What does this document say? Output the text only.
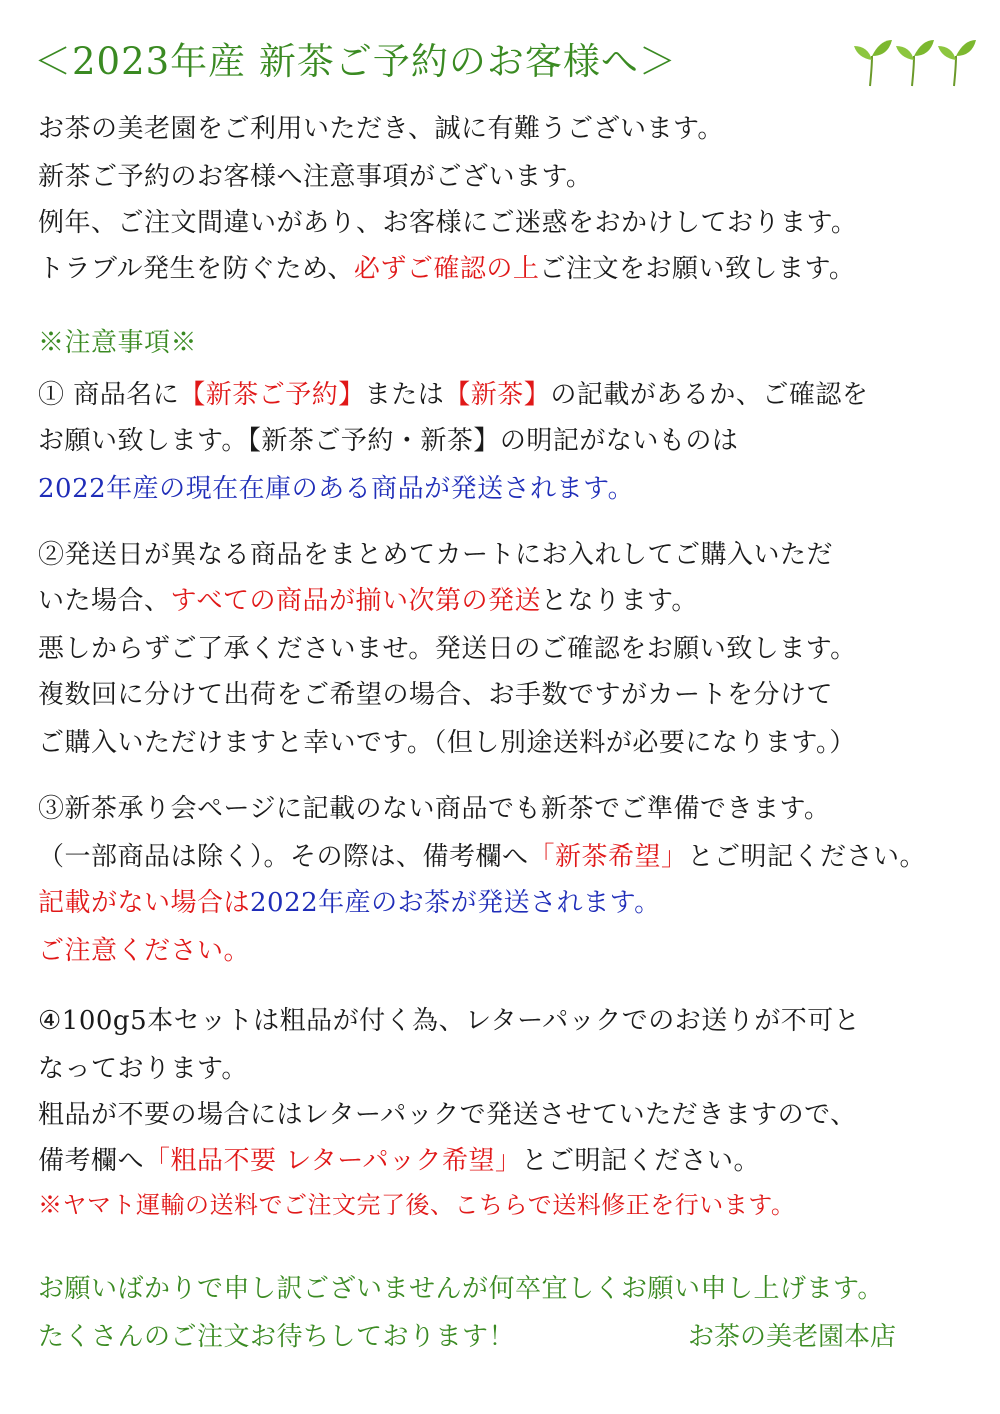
＜2023年産 新茶ご予約のお客様へ＞
お茶の美老園をご利用いただき、誠に有難うございます。
新茶ご予約のお客様へ注意事項がございます。
例年、ご注文間違いがあり、お客様にご迷惑をおかけしております。
トラブル発生を防ぐため、必ずご確認の上ご注文をお願い致します。
※注意事項※
① 商品名に【新茶ご予約】または【新茶】の記載があるか、ご確認を
お願い致します。【新茶ご予約・新茶】の明記がないものは
2022年産の現在在庫のある商品が発送されます。
②発送日が異なる商品をまとめてカートにお入れしてご購入いただ
いた場合、すべての商品が揃い次第の発送となります。
悪しからずご了承くださいませ。発送日のご確認をお願い致します。
複数回に分けて出荷をご希望の場合、お手数ですがカートを分けて
ご購入いただけますと幸いです。（但し別途送料が必要になります。）
③新茶承り会ページに記載のない商品でも新茶でご準備できます。
（一部商品は除く）。その際は、備考欄へ「新茶希望」とご明記ください。
記載がない場合は2022年産のお茶が発送されます。
ご注意ください。
④100g5本セットは粗品が付く為、レターパックでのお送りが不可と
なっております。
粗品が不要の場合にはレターパックで発送させていただきますので、
備考欄へ「粗品不要 レターパック希望」とご明記ください。
※ヤマト運輸の送料でご注文完了後、こちらで送料修正を行います。
お願いばかりで申し訳ございませんが何卒宜しくお願い申し上げます。
たくさんのご注文お待ちしております！	お茶の美老園本店
